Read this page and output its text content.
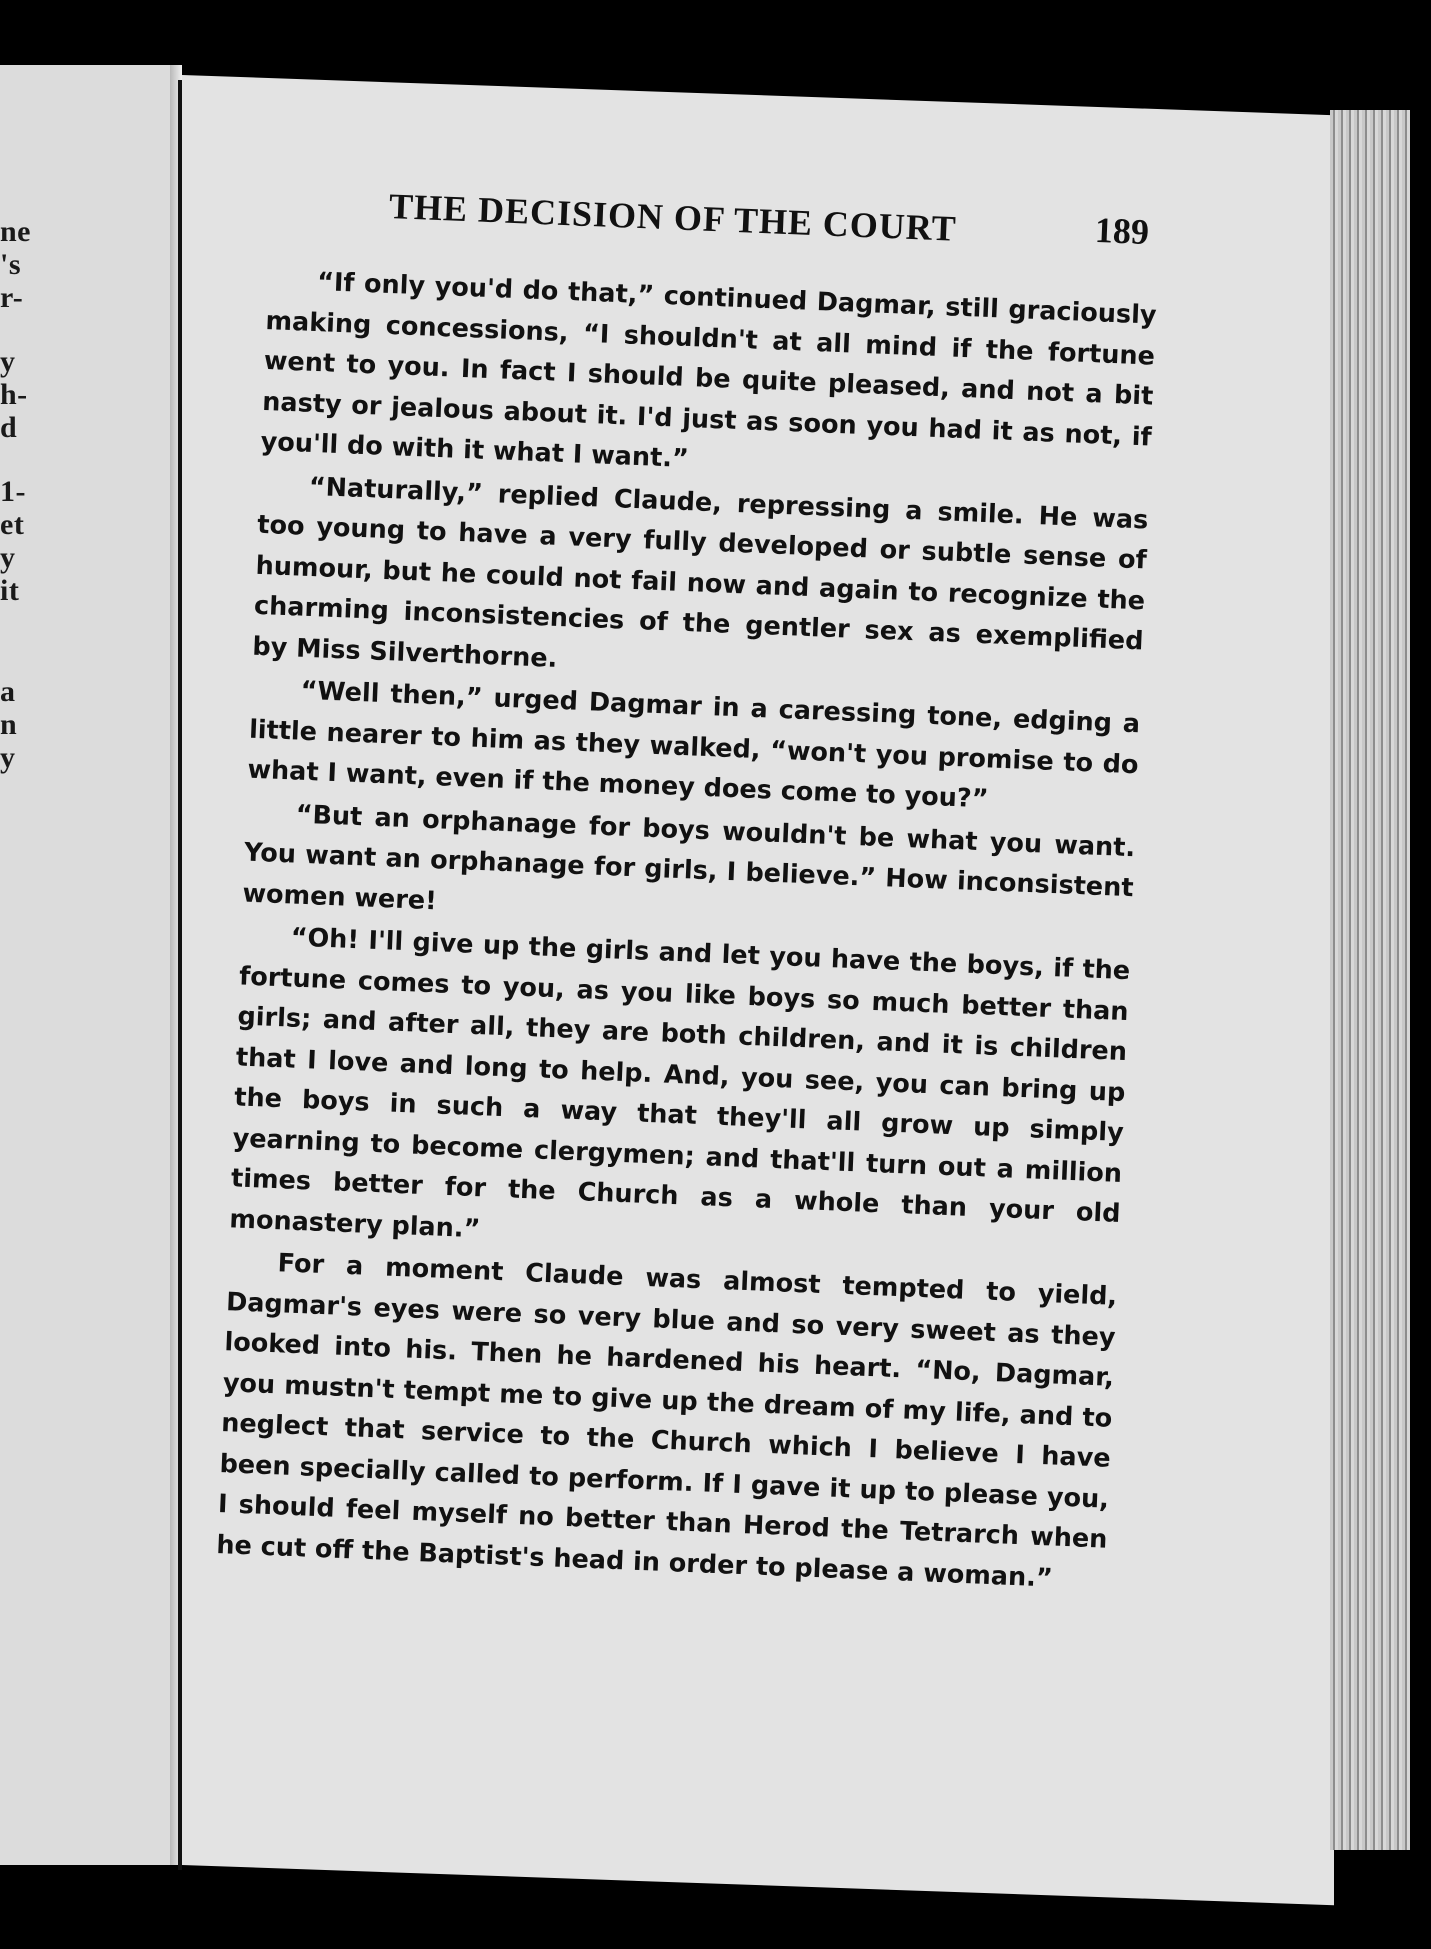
ne
's
r-
y
h-
d
1-
et
y
it
a
n
y
THE DECISION OF THE COURT	189

“If only you'd do that,” continued Dagmar, still graciously making concessions, “I shouldn't at all mind if the fortune went to you. In fact I should be quite pleased, and not a bit nasty or jealous about it. I'd just as soon you had it as not, if you'll do with it what I want.”

“Naturally,” replied Claude, repressing a smile. He was too young to have a very fully developed or subtle sense of humour, but he could not fail now and again to recognize the charming inconsistencies of the gentler sex as exemplified by Miss Silverthorne.

“Well then,” urged Dagmar in a caressing tone, edging a little nearer to him as they walked, “won't you promise to do what I want, even if the money does come to you?”

“But an orphanage for boys wouldn't be what you want. You want an orphanage for girls, I believe.” How inconsistent women were!

“Oh! I'll give up the girls and let you have the boys, if the fortune comes to you, as you like boys so much better than girls; and after all, they are both children, and it is children that I love and long to help. And, you see, you can bring up the boys in such a way that they'll all grow up simply yearning to become clergymen; and that'll turn out a million times better for the Church as a whole than your old monastery plan.”

For a moment Claude was almost tempted to yield, Dagmar's eyes were so very blue and so very sweet as they looked into his. Then he hardened his heart. “No, Dagmar, you mustn't tempt me to give up the dream of my life, and to neglect that service to the Church which I believe I have been specially called to perform. If I gave it up to please you, I should feel myself no better than Herod the Tetrarch when he cut off the Baptist's head in order to please a woman.”
